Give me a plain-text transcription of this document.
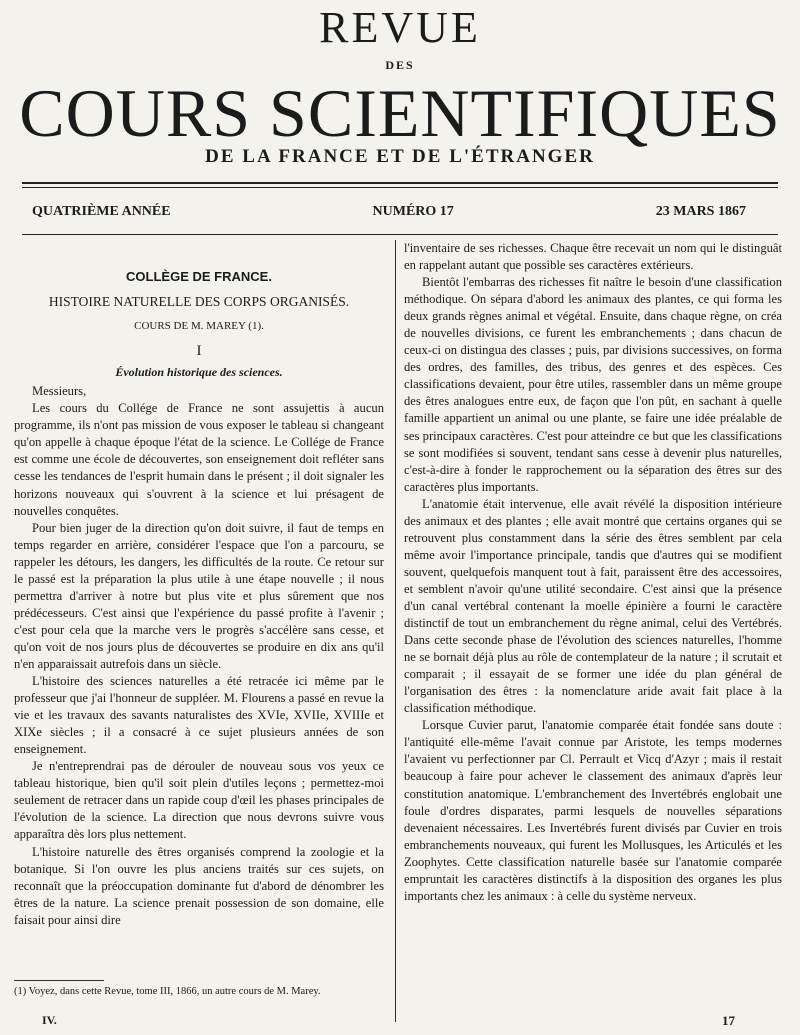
REVUE
DES
COURS SCIENTIFIQUES
DE LA FRANCE ET DE L'ÉTRANGER
QUATRIÈME ANNÉE	NUMÉRO 17	23 MARS 1867

COLLÈGE DE FRANCE.

HISTOIRE NATURELLE DES CORPS ORGANISÉS.

COURS DE M. MAREY (1).

I

Évolution historique des sciences.

Messieurs,

Les cours du Collége de France ne sont assujettis à aucun programme, ils n'ont pas mission de vous exposer le tableau si changeant qu'on appelle à chaque époque l'état de la science. Le Collége de France est comme une école de découvertes, son enseignement doit refléter sans cesse les tendances de l'esprit humain dans le présent ; il doit signaler les horizons nouveaux qui s'ouvrent à la science et lui présagent de nouvelles conquêtes.

Pour bien juger de la direction qu'on doit suivre, il faut de temps en temps regarder en arrière, considérer l'espace que l'on a parcouru, se rappeler les détours, les dangers, les difficultés de la route. Ce retour sur le passé est la préparation la plus utile à une étape nouvelle ; il nous permettra d'arriver à notre but plus vite et plus sûrement que nos prédécesseurs. C'est ainsi que l'expérience du passé profite à l'avenir ; c'est pour cela que la marche vers le progrès s'accélère sans cesse, et qu'on voit de nos jours plus de découvertes se produire en dix ans qu'il n'en apparaissait autrefois dans un siècle.

L'histoire des sciences naturelles a été retracée ici même par le professeur que j'ai l'honneur de suppléer. M. Flourens a passé en revue la vie et les travaux des savants naturalistes des XVIe, XVIIe, XVIIIe et XIXe siècles ; il a consacré à ce sujet plusieurs années de son enseignement.

Je n'entreprendrai pas de dérouler de nouveau sous vos yeux ce tableau historique, bien qu'il soit plein d'utiles leçons ; permettez-moi seulement de retracer dans un rapide coup d'œil les phases principales de l'évolution de la science. La direction que nous devrons suivre vous apparaîtra dès lors plus nettement.

L'histoire naturelle des êtres organisés comprend la zoologie et la botanique. Si l'on ouvre les plus anciens traités sur ces sujets, on reconnaît que la préoccupation dominante fut d'abord de dénombrer les êtres de la nature. La science prenait possession de son domaine, elle faisait pour ainsi dire

l'inventaire de ses richesses. Chaque être recevait un nom qui le distinguât en rappelant autant que possible ses caractères extérieurs.

Bientôt l'embarras des richesses fit naître le besoin d'une classification méthodique. On sépara d'abord les animaux des plantes, ce qui forma les deux grands règnes animal et végétal. Ensuite, dans chaque règne, on créa de nouvelles divisions, ce furent les embranchements ; dans chacun de ceux-ci on distingua des classes ; puis, par divisions successives, on forma des ordres, des familles, des tribus, des genres et des espèces. Ces classifications devaient, pour être utiles, rassembler dans un même groupe des êtres analogues entre eux, de façon que l'on pût, en sachant à quelle famille appartient un animal ou une plante, se faire une idée préalable de ses principaux caractères. C'est pour atteindre ce but que les classifications se sont modifiées si souvent, tendant sans cesse à devenir plus naturelles, c'est-à-dire à fonder le rapprochement ou la séparation des êtres sur des caractères plus importants.

L'anatomie était intervenue, elle avait révélé la disposition intérieure des animaux et des plantes ; elle avait montré que certains organes qui se retrouvent plus constamment dans la série des êtres semblent par cela même avoir l'importance principale, tandis que d'autres qui se modifient souvent, quelquefois manquent tout à fait, paraissent être des accessoires, et semblent n'avoir qu'une utilité secondaire. C'est ainsi que la présence d'un canal vertébral contenant la moelle épinière a fourni le caractère distinctif de tout un embranchement du règne animal, celui des Vertébrés. Dans cette seconde phase de l'évolution des sciences naturelles, l'homme ne se bornait déjà plus au rôle de contemplateur de la nature ; il scrutait et comparait ; il essayait de se former une idée du plan général de l'organisation des êtres : la nomenclature aride avait fait place à la classification méthodique.

Lorsque Cuvier parut, l'anatomie comparée était fondée sans doute : l'antiquité elle-même l'avait connue par Aristote, les temps modernes l'avaient vu perfectionner par Cl. Perrault et Vicq d'Azyr ; mais il restait beaucoup à faire pour achever le classement des animaux d'après leur constitution anatomique. L'embranchement des Invertébrés englobait une foule d'ordres disparates, parmi lesquels de nouvelles séparations devenaient nécessaires. Les Invertébrés furent divisés par Cuvier en trois embranchements nouveaux, qui furent les Mollusques, les Articulés et les Zoophytes. Cette classification naturelle basée sur l'anatomie comparée empruntait les caractères distinctifs à la disposition des organes les plus importants chez les animaux : à celle du système nerveux.

(1) Voyez, dans cette Revue, tome III, 1866, un autre cours de M. Marey.
IV.	17
